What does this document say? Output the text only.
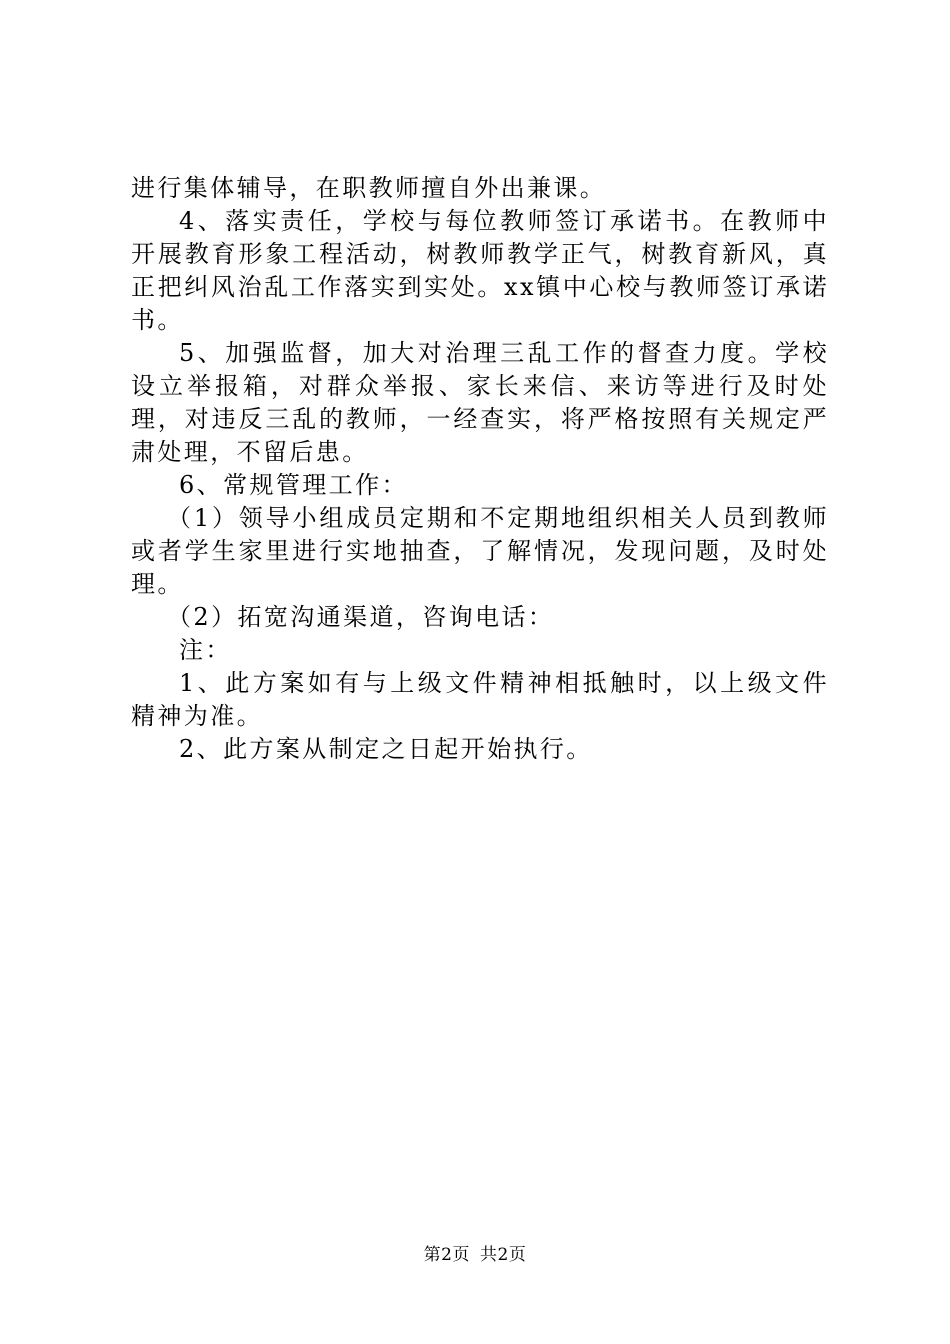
进行集体辅导，在职教师擅自外出兼课。

4、落实责任，学校与每位教师签订承诺书。在教师中开展教育形象工程活动，树教师教学正气，树教育新风，真正把纠风治乱工作落实到实处。xx镇中心校与教师签订承诺书。

5、加强监督，加大对治理三乱工作的督查力度。学校设立举报箱，对群众举报、家长来信、来访等进行及时处理，对违反三乱的教师，一经查实，将严格按照有关规定严肃处理，不留后患。

6、常规管理工作：

（1）领导小组成员定期和不定期地组织相关人员到教师或者学生家里进行实地抽查，了解情况，发现问题，及时处理。

（2）拓宽沟通渠道，咨询电话：

注：

1、此方案如有与上级文件精神相抵触时，以上级文件精神为准。

2、此方案从制定之日起开始执行。

第2页 共2页
